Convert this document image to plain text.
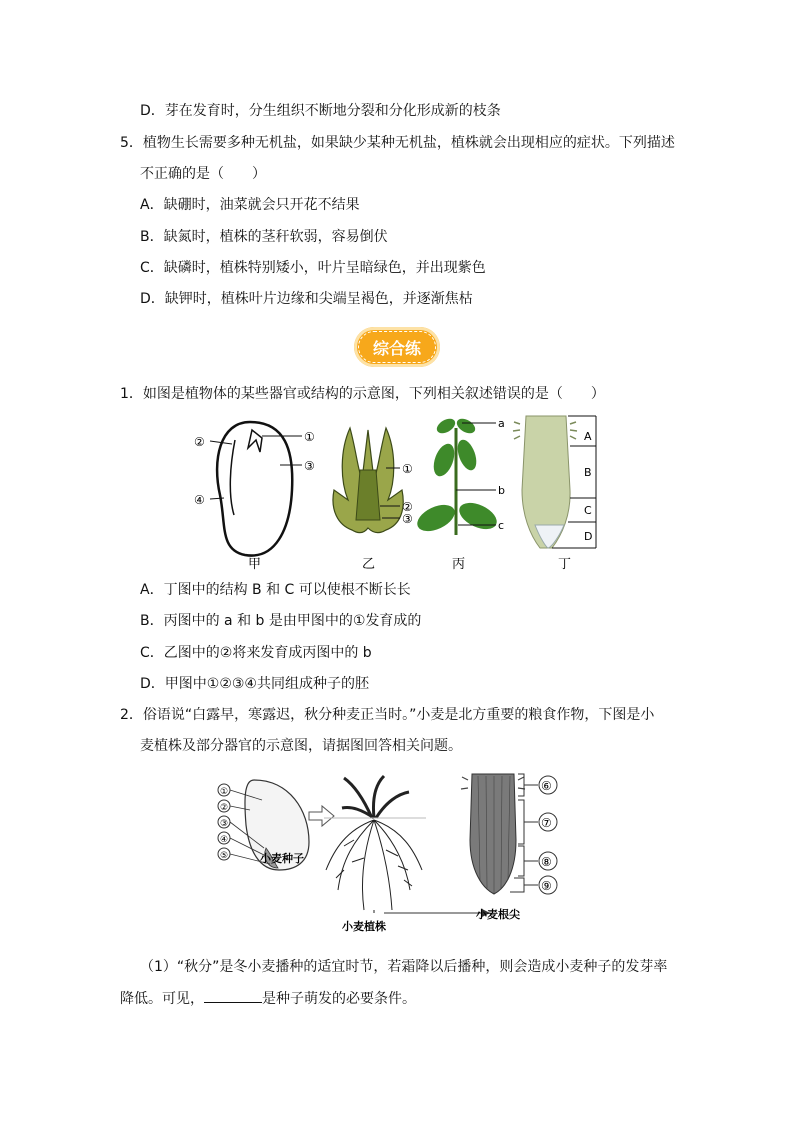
D．芽在发育时，分生组织不断地分裂和分化形成新的枝条
5．植物生长需要多种无机盐，如果缺少某种无机盐，植株就会出现相应的症状。下列描述
不正确的是（　　）
A．缺硼时，油菜就会只开花不结果
B．缺氮时，植株的茎秆软弱，容易倒伏
C．缺磷时，植株特别矮小，叶片呈暗绿色，并出现紫色
D．缺钾时，植株叶片边缘和尖端呈褐色，并逐渐焦枯
综合练
1．如图是植物体的某些器官或结构的示意图，下列相关叙述错误的是（　　）
②	①
③
④
甲
①
②
③
乙
a
b
c
丙
A
B
C
D
丁
A．丁图中的结构 B 和 C 可以使根不断长长
B．丙图中的 a 和 b 是由甲图中的①发育成的
C．乙图中的②将来发育成丙图中的 b
D．甲图中①②③④共同组成种子的胚
2．俗语说“白露早，寒露迟，秋分种麦正当时。”小麦是北方重要的粮食作物，下图是小
麦植株及部分器官的示意图，请据图回答相关问题。
①
②
③
④
⑤	小麦种子
小麦植株
⑥
⑦
⑧
⑨
小麦根尖
（1）“秋分”是冬小麦播种的适宜时节，若霜降以后播种，则会造成小麦种子的发芽率
降低。可见，	是种子萌发的必要条件。
